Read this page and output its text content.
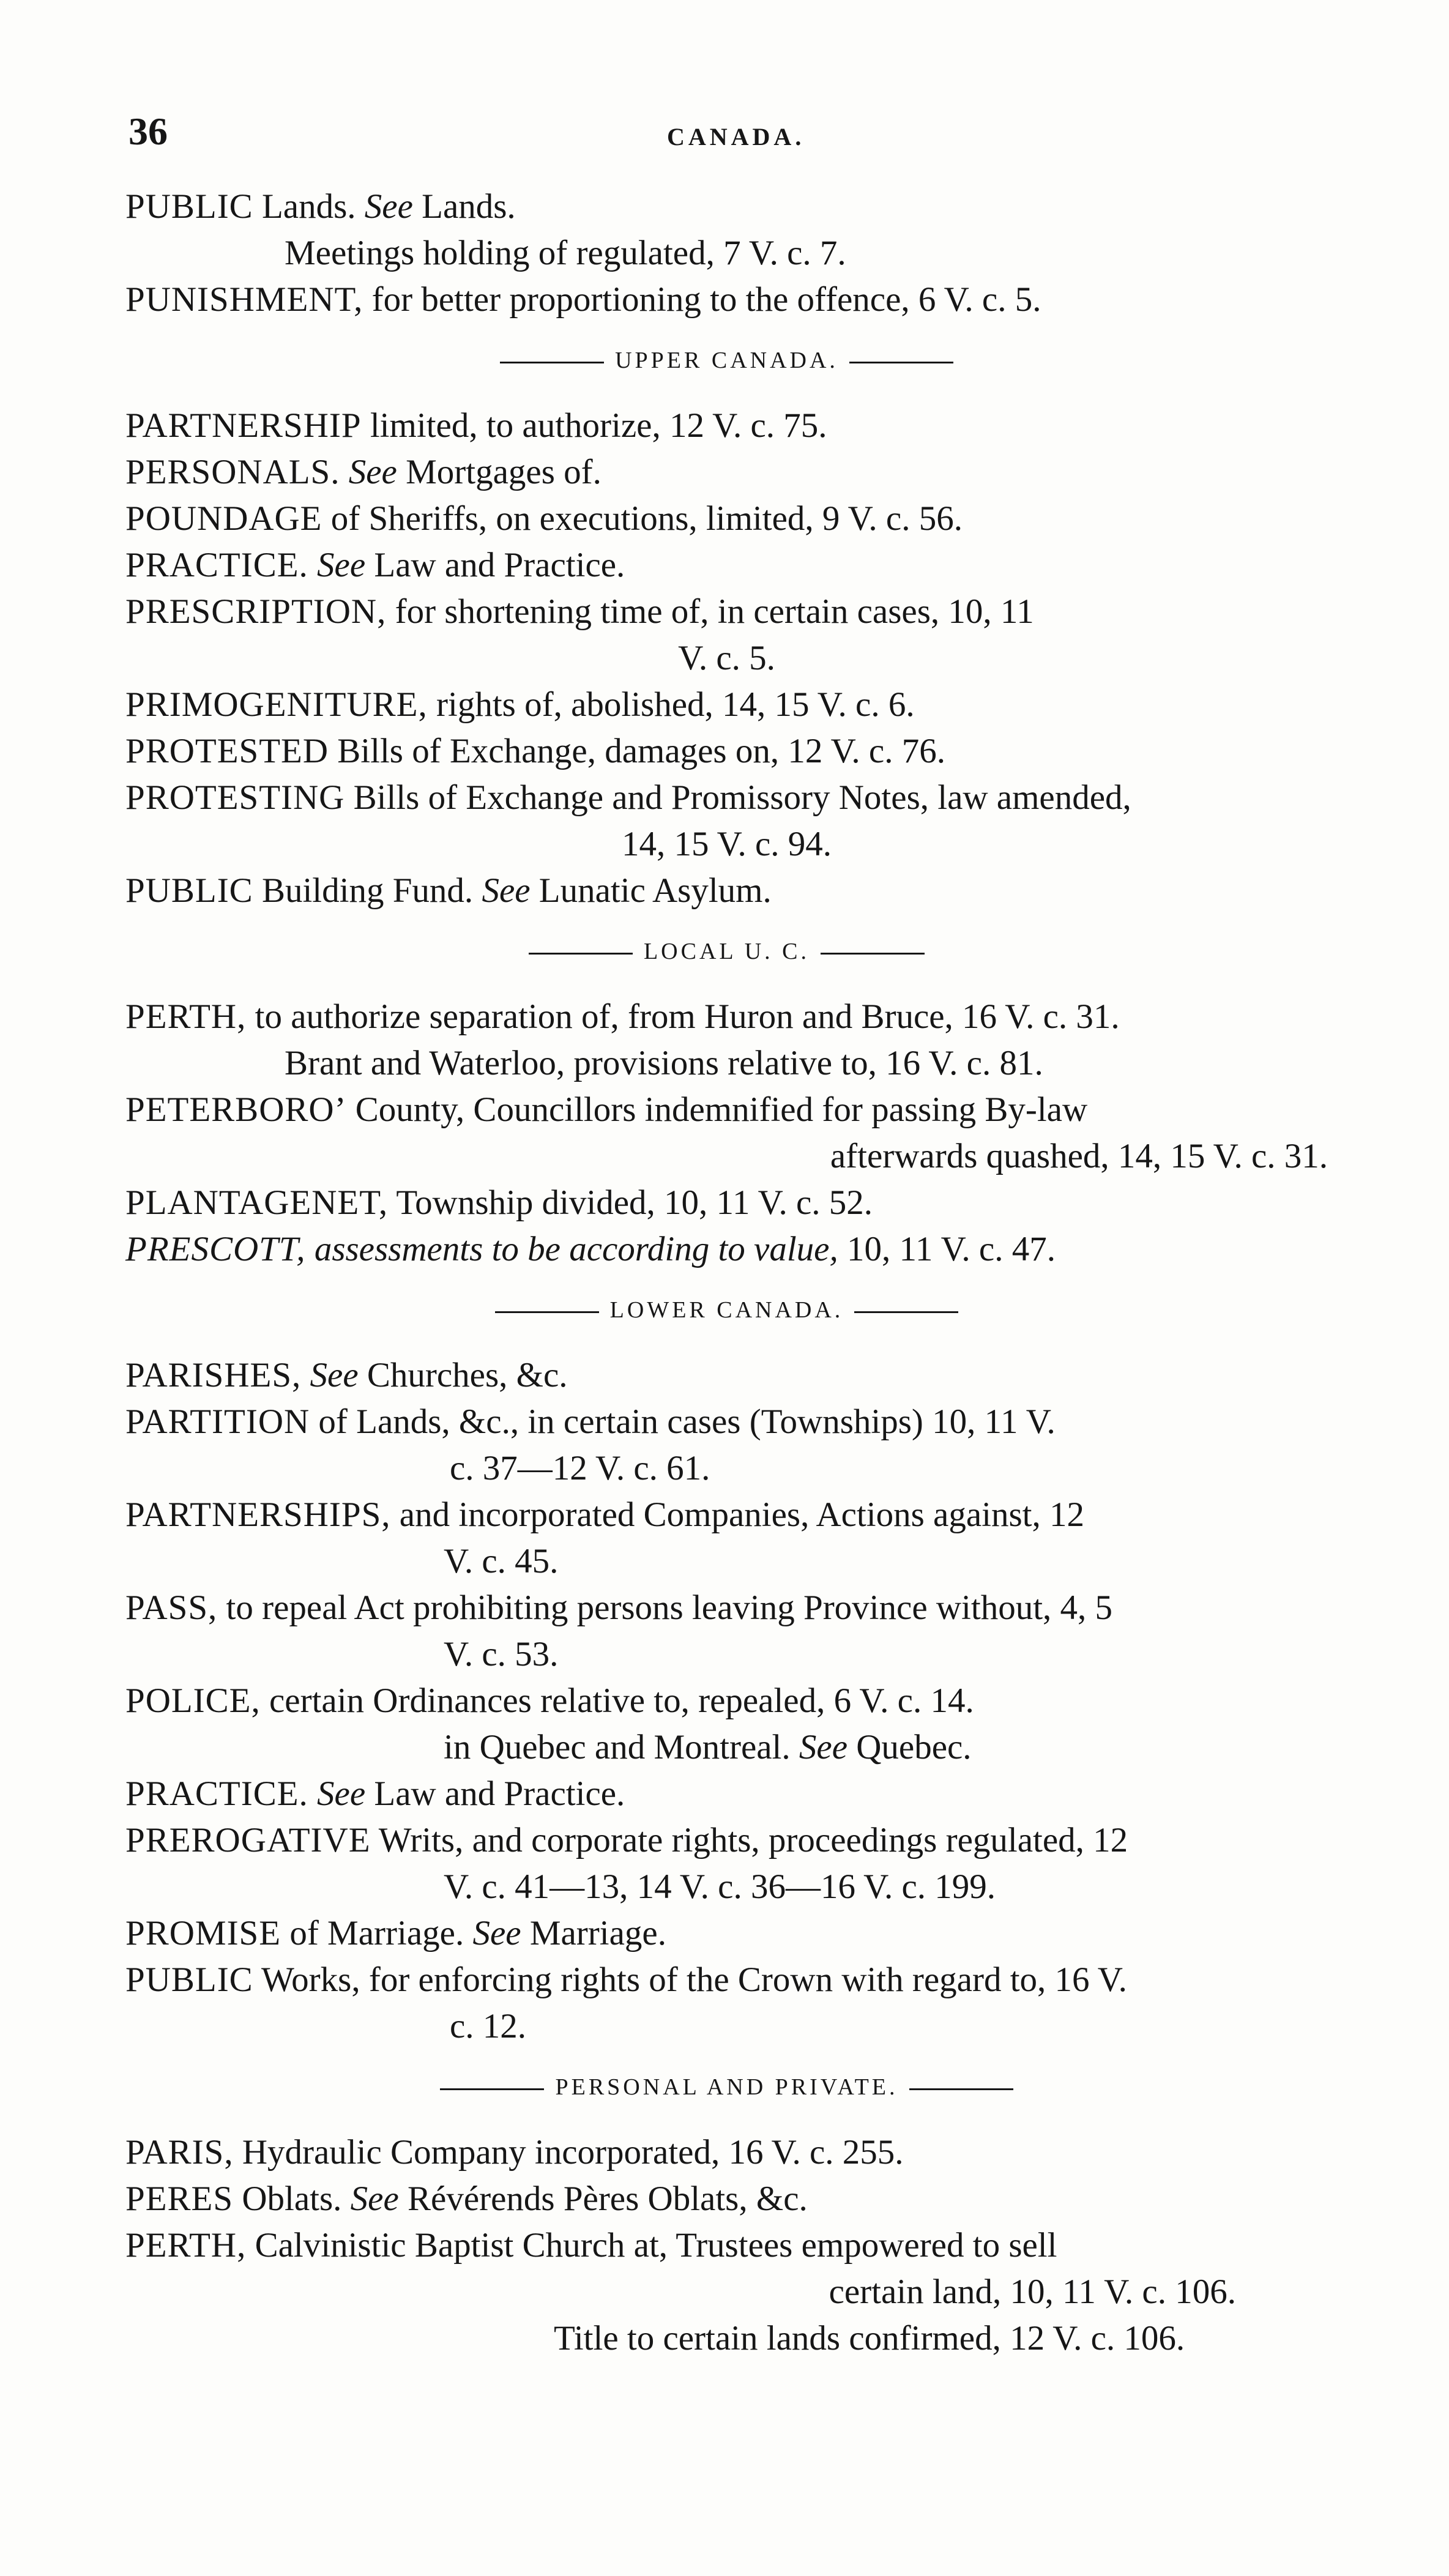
36	CANADA.

PUBLIC Lands. See Lands.

Meetings holding of regulated, 7 V. c. 7.

PUNISHMENT, for better proportioning to the offence, 6 V. c. 5.

UPPER CANADA.

PARTNERSHIP limited, to authorize, 12 V. c. 75.

PERSONALS. See Mortgages of.

POUNDAGE of Sheriffs, on executions, limited, 9 V. c. 56.

PRACTICE. See Law and Practice.

PRESCRIPTION, for shortening time of, in certain cases, 10, 11
V. c. 5.

PRIMOGENITURE, rights of, abolished, 14, 15 V. c. 6.

PROTESTED Bills of Exchange, damages on, 12 V. c. 76.

PROTESTING Bills of Exchange and Promissory Notes, law amended,
14, 15 V. c. 94.

PUBLIC Building Fund. See Lunatic Asylum.

LOCAL U. C.

PERTH, to authorize separation of, from Huron and Bruce, 16 V. c. 31.

Brant and Waterloo, provisions relative to, 16 V. c. 81.

PETERBORO’ County, Councillors indemnified for passing By-law
afterwards quashed, 14, 15 V. c. 31.

PLANTAGENET, Township divided, 10, 11 V. c. 52.

PRESCOTT, assessments to be according to value, 10, 11 V. c. 47.

LOWER CANADA.

PARISHES, See Churches, &c.

PARTITION of Lands, &c., in certain cases (Townships) 10, 11 V.
c. 37—12 V. c. 61.

PARTNERSHIPS, and incorporated Companies, Actions against, 12
V. c. 45.

PASS, to repeal Act prohibiting persons leaving Province without, 4, 5
V. c. 53.

POLICE, certain Ordinances relative to, repealed, 6 V. c. 14.

in Quebec and Montreal. See Quebec.

PRACTICE. See Law and Practice.

PREROGATIVE Writs, and corporate rights, proceedings regulated, 12
V. c. 41—13, 14 V. c. 36—16 V. c. 199.

PROMISE of Marriage. See Marriage.

PUBLIC Works, for enforcing rights of the Crown with regard to, 16 V.
c. 12.

PERSONAL AND PRIVATE.

PARIS, Hydraulic Company incorporated, 16 V. c. 255.

PERES Oblats. See Révérends Pères Oblats, &c.

PERTH, Calvinistic Baptist Church at, Trustees empowered to sell
certain land, 10, 11 V. c. 106.

Title to certain lands confirmed, 12 V. c. 106.
